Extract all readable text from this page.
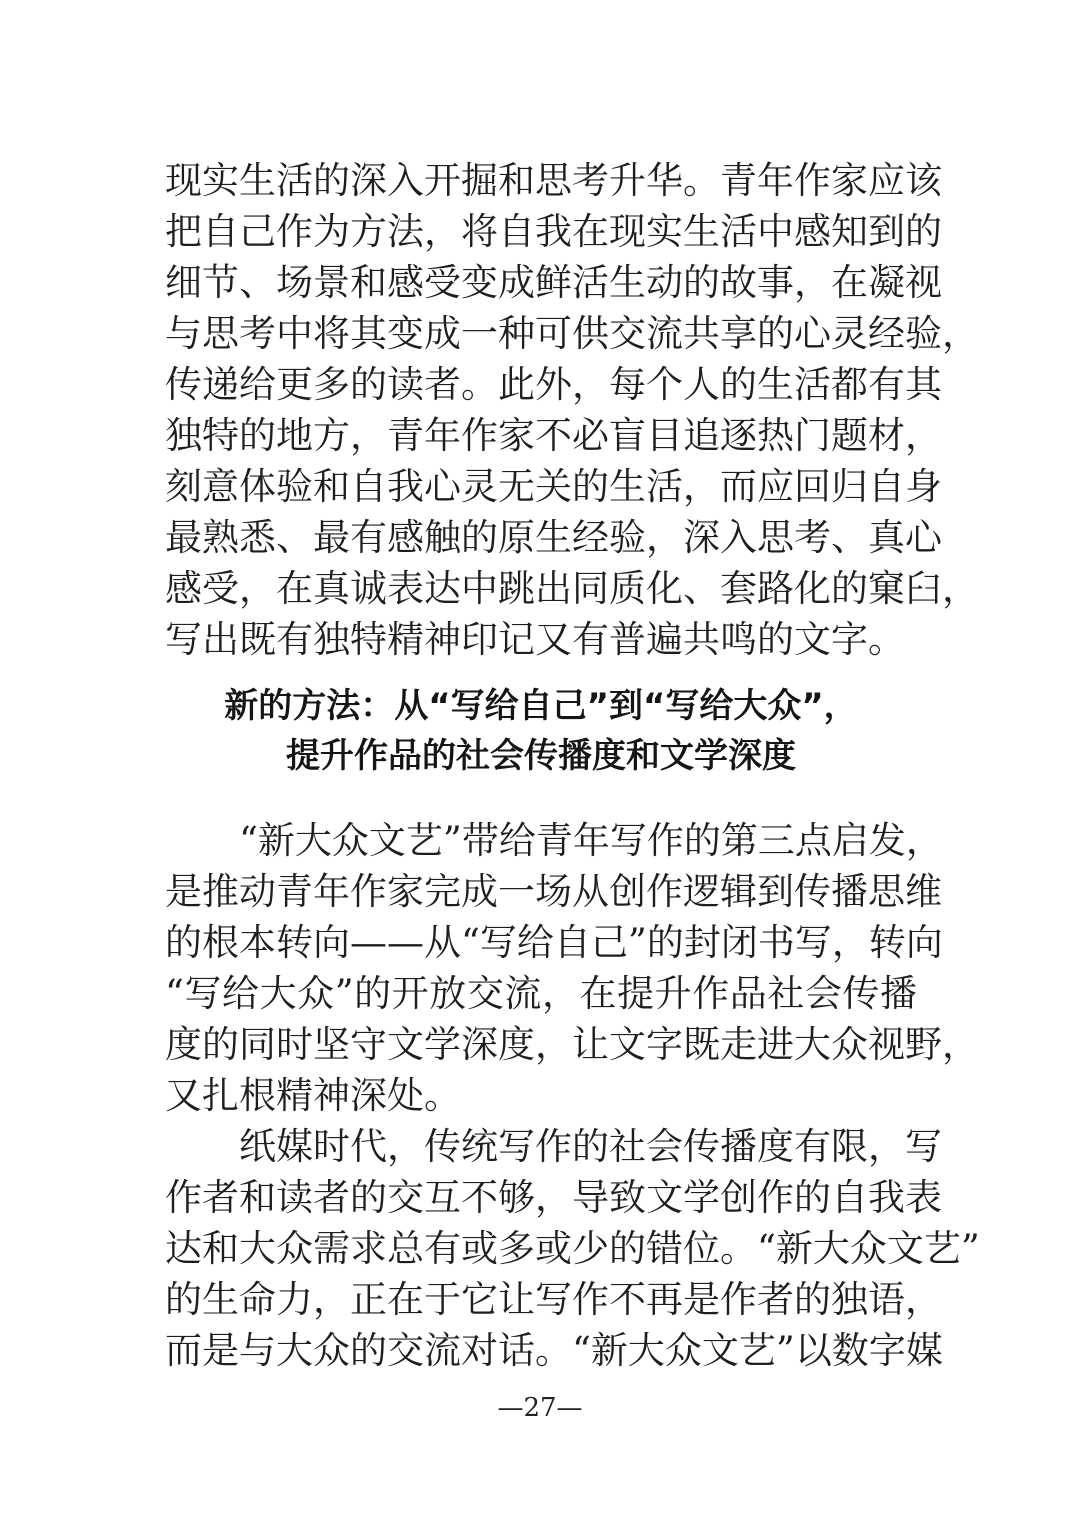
现实生活的深入开掘和思考升华。青年作家应该
把自己作为方法，将自我在现实生活中感知到的
细节、场景和感受变成鲜活生动的故事，在凝视
与思考中将其变成一种可供交流共享的心灵经验，
传递给更多的读者。此外，每个人的生活都有其
独特的地方，青年作家不必盲目追逐热门题材，
刻意体验和自我心灵无关的生活，而应回归自身
最熟悉、最有感触的原生经验，深入思考、真心
感受，在真诚表达中跳出同质化、套路化的窠臼，
写出既有独特精神印记又有普遍共鸣的文字。
新的方法：从“写给自己”到“写给大众”，
提升作品的社会传播度和文学深度
“新大众文艺”带给青年写作的第三点启发，
是推动青年作家完成一场从创作逻辑到传播思维
的根本转向——从“写给自己”的封闭书写，转向
“写给大众”的开放交流，在提升作品社会传播
度的同时坚守文学深度，让文字既走进大众视野，
又扎根精神深处。
纸媒时代，传统写作的社会传播度有限，写
作者和读者的交互不够，导致文学创作的自我表
达和大众需求总有或多或少的错位。“新大众文艺”
的生命力，正在于它让写作不再是作者的独语，
而是与大众的交流对话。“新大众文艺”以数字媒
—27—
